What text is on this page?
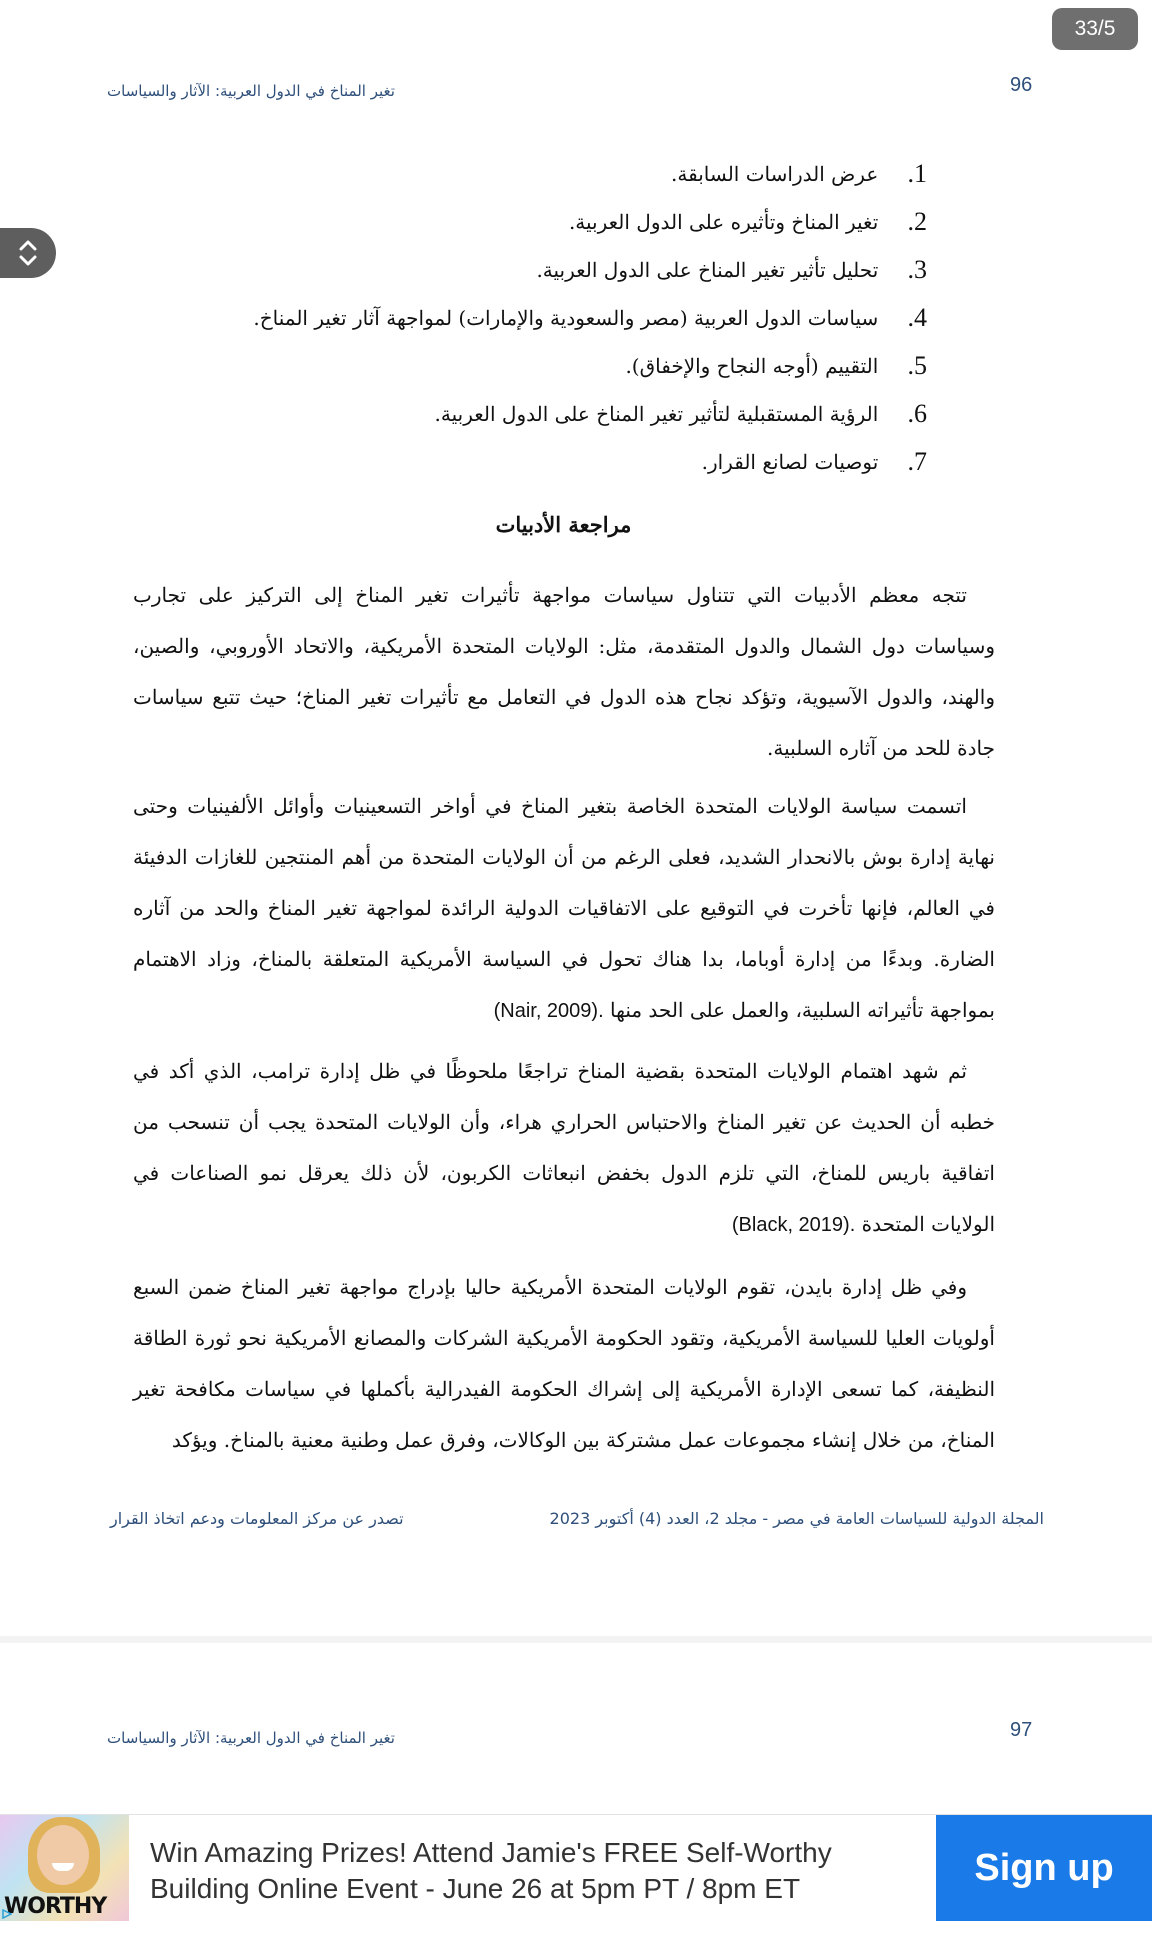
96
تغير المناخ في الدول العربية: الآثار والسياسات
.1

عرض الدراسات السابقة.
.2

تغير المناخ وتأثيره على الدول العربية.
.3

تحليل تأثير تغير المناخ على الدول العربية.
.4

سياسات الدول العربية (مصر والسعودية والإمارات) لمواجهة آثار تغير المناخ.
.5

التقييم (أوجه النجاح والإخفاق).
.6

الرؤية المستقبلية لتأثير تغير المناخ على الدول العربية.
.7

توصيات لصانع القرار.
مراجعة الأدبيات

تتجه معظم الأدبيات التي تتناول سياسات مواجهة تأثيرات تغير المناخ إلى التركيز على تجارب وسياسات دول الشمال والدول المتقدمة، مثل: الولايات المتحدة الأمريكية، والاتحاد الأوروبي، والصين، والهند، والدول الآسيوية، وتؤكد نجاح هذه الدول في التعامل مع تأثيرات تغير المناخ؛ حيث تتبع سياسات جادة للحد من آثاره السلبية.

اتسمت سياسة الولايات المتحدة الخاصة بتغير المناخ في أواخر التسعينيات وأوائل الألفينيات وحتى نهاية إدارة بوش بالانحدار الشديد، فعلى الرغم من أن الولايات المتحدة من أهم المنتجين للغازات الدفيئة في العالم، فإنها تأخرت في التوقيع على الاتفاقيات الدولية الرائدة لمواجهة تغير المناخ والحد من آثاره الضارة. وبدءًا من إدارة أوباما، بدا هناك تحول في السياسة الأمريكية المتعلقة بالمناخ، وزاد الاهتمام بمواجهة تأثيراته السلبية، والعمل على الحد منها (Nair, 2009).

ثم شهد اهتمام الولايات المتحدة بقضية المناخ تراجعًا ملحوظًا في ظل إدارة ترامب، الذي أكد في خطبه أن الحديث عن تغير المناخ والاحتباس الحراري هراء، وأن الولايات المتحدة يجب أن تنسحب من اتفاقية باريس للمناخ، التي تلزم الدول بخفض انبعاثات الكربون، لأن ذلك يعرقل نمو الصناعات في الولايات المتحدة (Black, 2019).

وفي ظل إدارة بايدن، تقوم الولايات المتحدة الأمريكية حاليا بإدراج مواجهة تغير المناخ ضمن السبع أولويات العليا للسياسة الأمريكية، وتقود الحكومة الأمريكية الشركات والمصانع الأمريكية نحو ثورة الطاقة النظيفة، كما تسعى الإدارة الأمريكية إلى إشراك الحكومة الفيدرالية بأكملها في سياسات مكافحة تغير المناخ، من خلال إنشاء مجموعات عمل مشتركة بين الوكالات، وفرق عمل وطنية معنية بالمناخ. ويؤكد

المجلة الدولية للسياسات العامة في مصر - مجلد 2، العدد (4) أكتوبر 2023
تصدر عن مركز المعلومات ودعم اتخاذ القرار
97
تغير المناخ في الدول العربية: الآثار والسياسات
33/5
WORTHY
Win Amazing Prizes! Attend Jamie's FREE Self-Worthy Building Online Event - June 26 at 5pm PT / 8pm ET	Sign up
